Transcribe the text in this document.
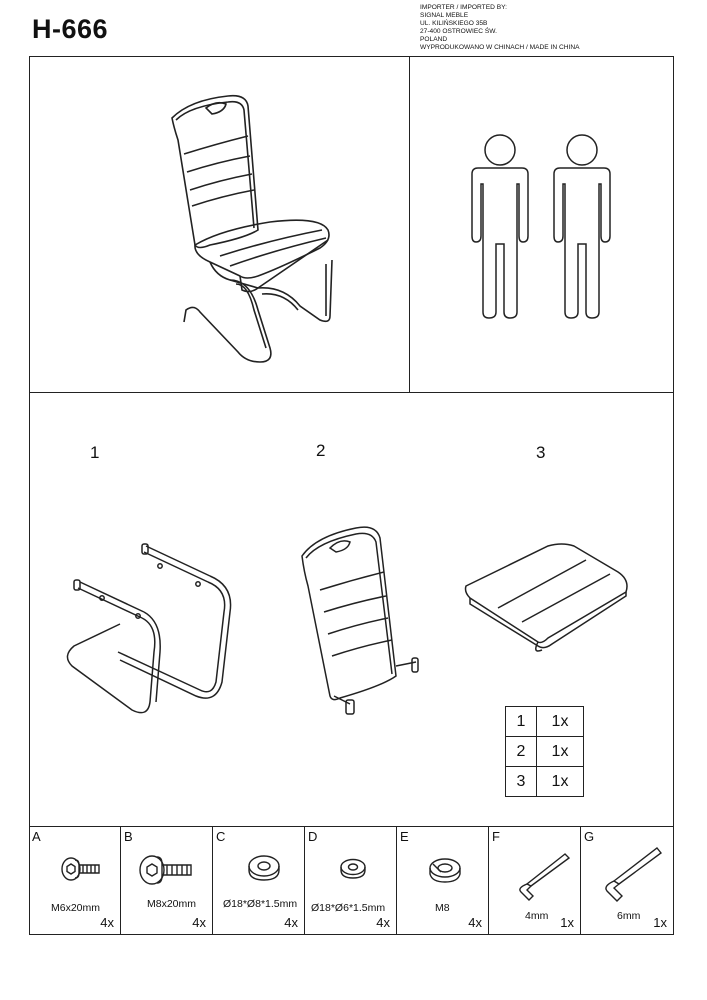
H-666
IMPORTER / IMPORTED BY:
SIGNAL MEBLE
UL. KILIŃSKIEGO 35B
27-400 OSTROWIEC ŚW.
POLAND
WYPRODUKOWANO W CHINACH / MADE IN CHINA
1	2	3
1	1x
2	1x
3	1x
A
M6x20mm
4x
B
M8x20mm
4x
C
Ø18*Ø8*1.5mm
4x
D
Ø18*Ø6*1.5mm
4x
E
M8
4x
F
4mm 1x
G
6mm 1x
